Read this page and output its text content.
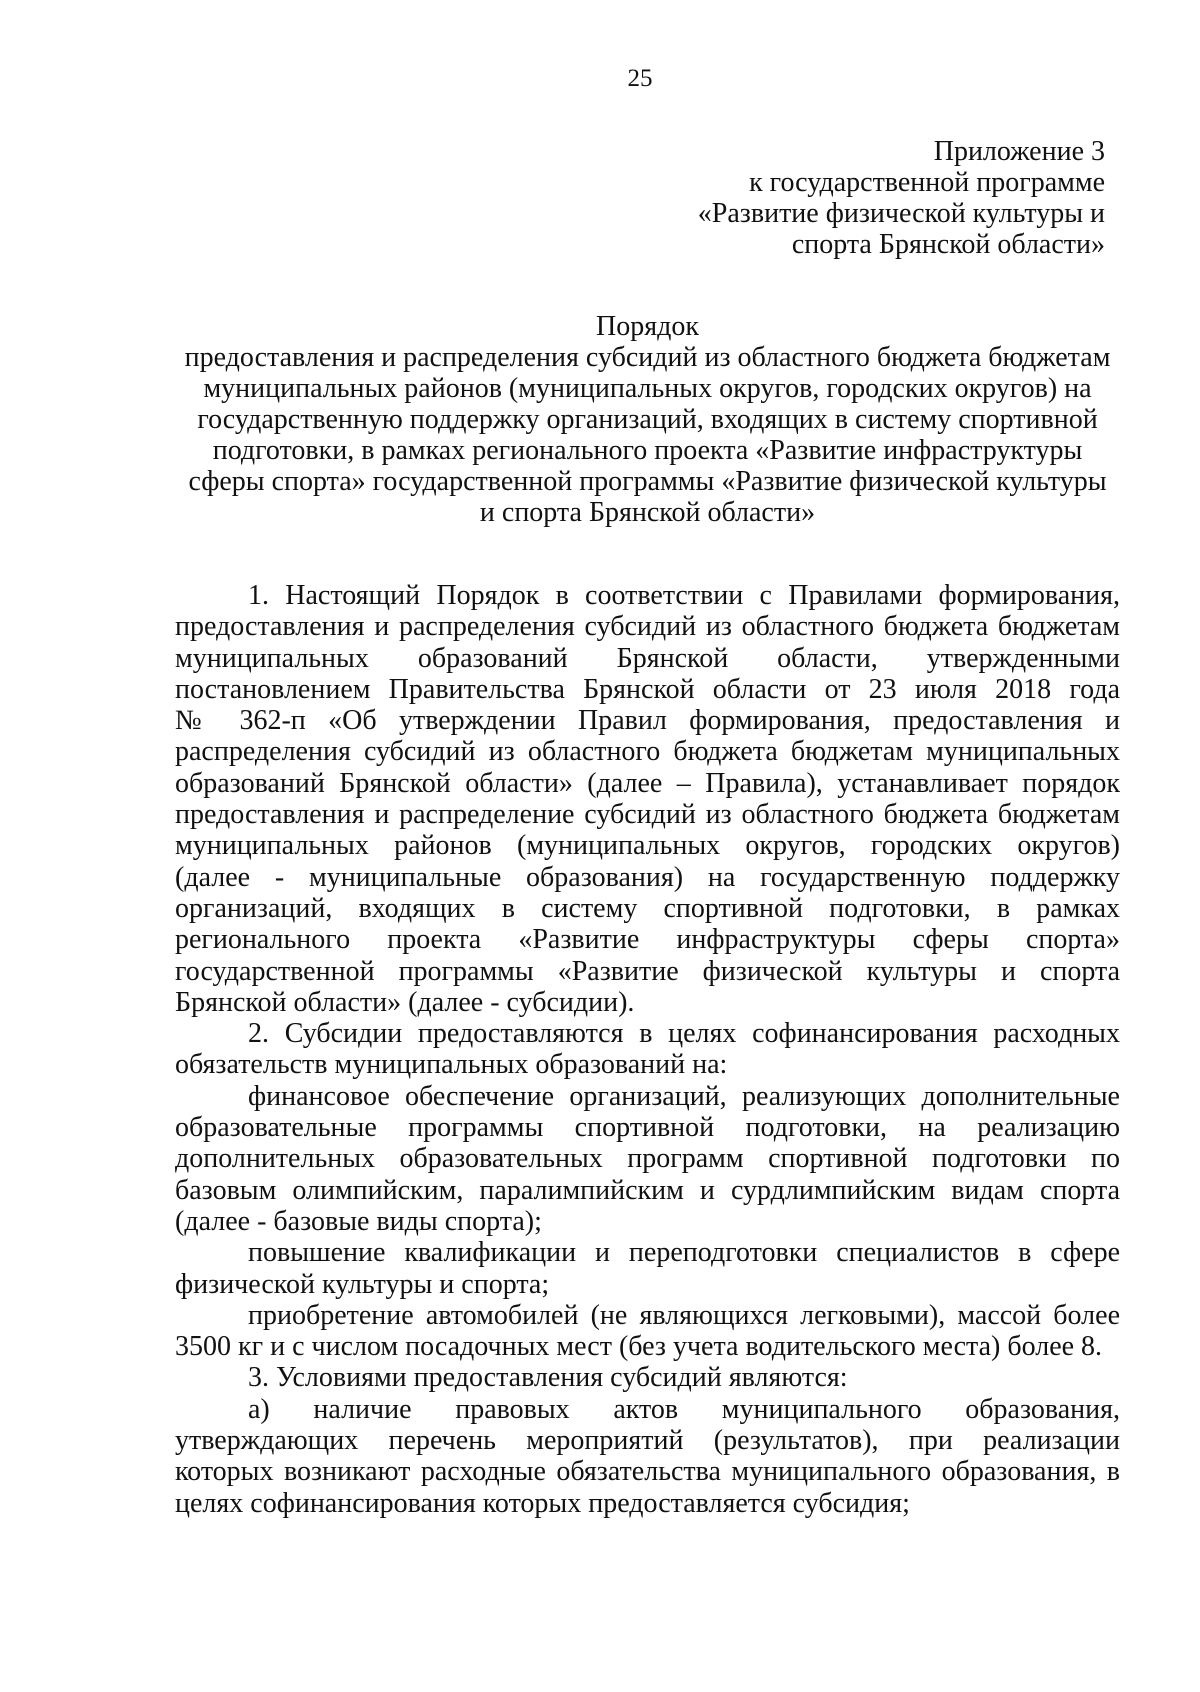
25
Приложение 3
к государственной программе
«Развитие физической культуры и
спорта Брянской области»
Порядок
предоставления и распределения субсидий из областного бюджета бюджетам
муниципальных районов (муниципальных округов, городских округов) на
государственную поддержку организаций, входящих в систему спортивной
подготовки, в рамках регионального проекта «Развитие инфраструктуры
сферы спорта» государственной программы «Развитие физической культуры
и спорта Брянской области»
1. Настоящий Порядок в соответствии с Правилами формирования,
предоставления и распределения субсидий из областного бюджета бюджетам
муниципальных образований Брянской области, утвержденными
постановлением Правительства Брянской области от 23 июля 2018 года
№ 362-п «Об утверждении Правил формирования, предоставления и
распределения субсидий из областного бюджета бюджетам муниципальных
образований Брянской области» (далее – Правила), устанавливает порядок
предоставления и распределение субсидий из областного бюджета бюджетам
муниципальных районов (муниципальных округов, городских округов)
(далее - муниципальные образования) на государственную поддержку
организаций, входящих в систему спортивной подготовки, в рамках
регионального проекта «Развитие инфраструктуры сферы спорта»
государственной программы «Развитие физической культуры и спорта
Брянской области» (далее - субсидии).
2. Субсидии предоставляются в целях софинансирования расходных
обязательств муниципальных образований на:
финансовое обеспечение организаций, реализующих дополнительные
образовательные программы спортивной подготовки, на реализацию
дополнительных образовательных программ спортивной подготовки по
базовым олимпийским, паралимпийским и сурдлимпийским видам спорта
(далее - базовые виды спорта);
повышение квалификации и переподготовки специалистов в сфере
физической культуры и спорта;
приобретение автомобилей (не являющихся легковыми), массой более
3500 кг и с числом посадочных мест (без учета водительского места) более 8.
3. Условиями предоставления субсидий являются:
а) наличие правовых актов муниципального образования,
утверждающих перечень мероприятий (результатов), при реализации
которых возникают расходные обязательства муниципального образования, в
целях софинансирования которых предоставляется субсидия;
